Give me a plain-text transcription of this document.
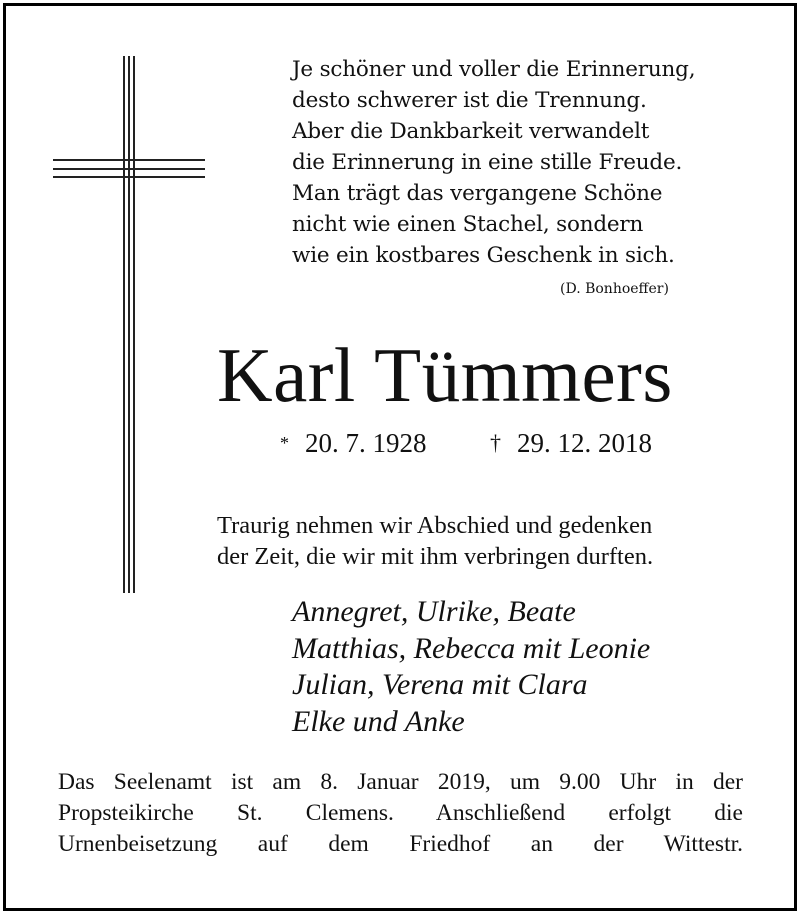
Je schöner und voller die Erinnerung,
desto schwerer ist die Trennung.
Aber die Dankbarkeit verwandelt
die Erinnerung in eine stille Freude.
Man trägt das vergangene Schöne
nicht wie einen Stachel, sondern
wie ein kostbares Geschenk in sich.
(D. Bonhoeffer)
Karl Tümmers
* 20. 7. 1928	† 29. 12. 2018
Traurig nehmen wir Abschied und gedenken
der Zeit, die wir mit ihm verbringen durften.
Annegret, Ulrike, Beate
Matthias, Rebecca mit Leonie
Julian, Verena mit Clara
Elke und Anke
Das Seelenamt ist am 8. Januar 2019, um 9.00 Uhr in der
Propsteikirche St. Clemens. Anschließend erfolgt die
Urnenbeisetzung auf dem Friedhof an der Wittestr.
